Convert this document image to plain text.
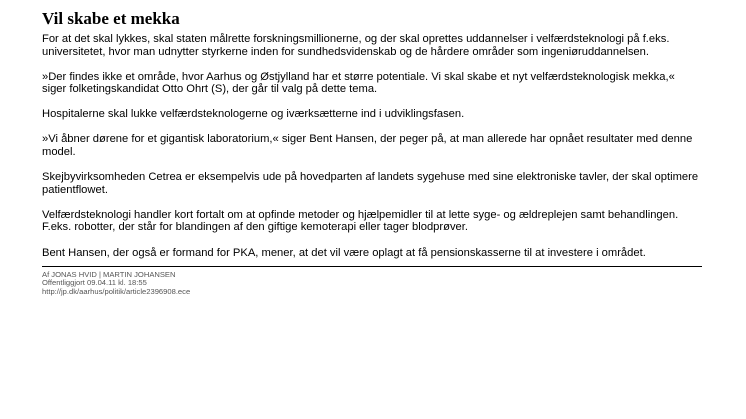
Vil skabe et mekka

For at det skal lykkes, skal staten målrette forskningsmillionerne, og der skal oprettes uddannelser i velfærdsteknologi på f.eks. universitetet, hvor man udnytter styrkerne inden for sundhedsvidenskab og de hårdere områder som ingeniøruddannelsen.

»Der findes ikke et område, hvor Aarhus og Østjylland har et større potentiale. Vi skal skabe et nyt velfærdsteknologisk mekka,« siger folketingskandidat Otto Ohrt (S), der går til valg på dette tema.

Hospitalerne skal lukke velfærdsteknologerne og iværksætterne ind i udviklingsfasen.

»Vi åbner dørene for et gigantisk laboratorium,« siger Bent Hansen, der peger på, at man allerede har opnået resultater med denne model.

Skejbyvirksomheden Cetrea er eksempelvis ude på hovedparten af landets sygehuse med sine elektroniske tavler, der skal optimere patientflowet.

Velfærdsteknologi handler kort fortalt om at opfinde metoder og hjælpemidler til at lette syge- og ældreplejen samt behandlingen. F.eks. robotter, der står for blandingen af den giftige kemoterapi eller tager blodprøver.

Bent Hansen, der også er formand for PKA, mener, at det vil være oplagt at få pensionskasserne til at investere i området.

Af JONAS HVID | MARTIN JOHANSEN
Offentliggjort 09.04.11 kl. 18:55
http://jp.dk/aarhus/politik/article2396908.ece
